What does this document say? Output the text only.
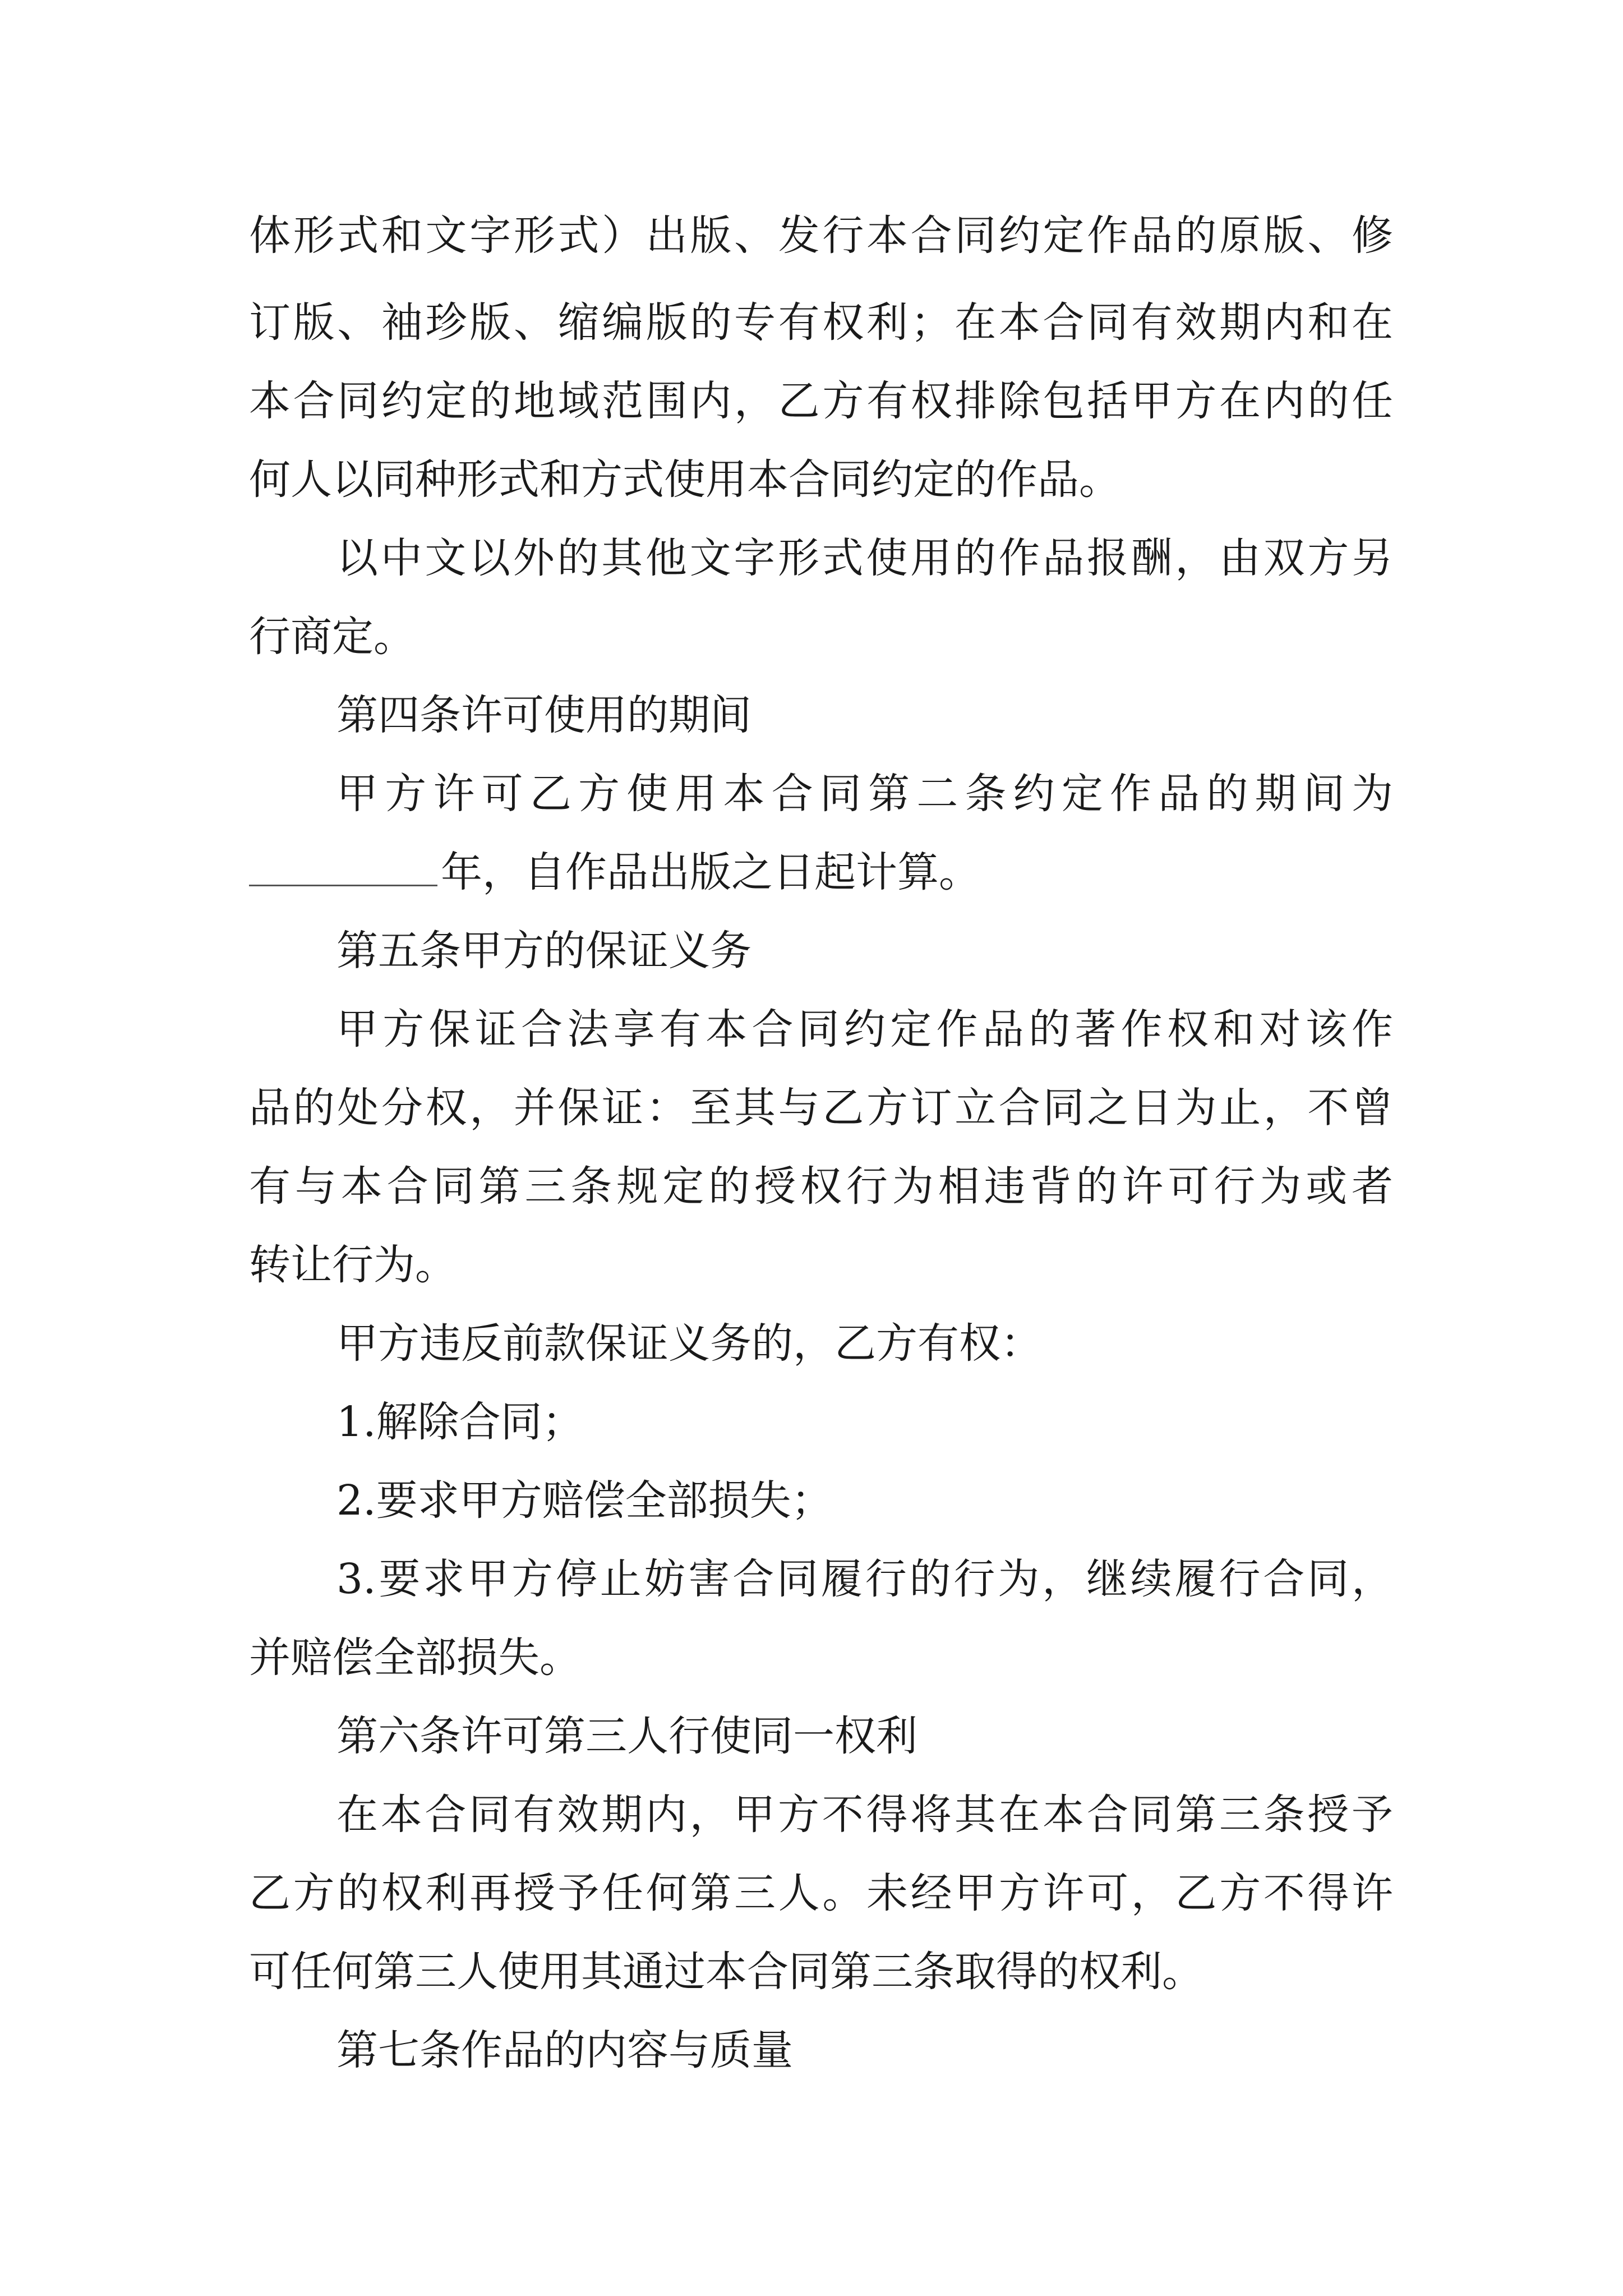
体形式和文字形式）出版、发行本合同约定作品的原版、修
订版、袖珍版、缩编版的专有权利；在本合同有效期内和在
本合同约定的地域范围内，乙方有权排除包括甲方在内的任
何人以同种形式和方式使用本合同约定的作品。
以中文以外的其他文字形式使用的作品报酬，由双方另
行商定。
第四条许可使用的期间
甲方许可乙方使用本合同第二条约定作品的期间为
年，自作品出版之日起计算。
第五条甲方的保证义务
甲方保证合法享有本合同约定作品的著作权和对该作
品的处分权，并保证：至其与乙方订立合同之日为止，不曾
有与本合同第三条规定的授权行为相违背的许可行为或者
转让行为。
甲方违反前款保证义务的，乙方有权：
1.解除合同；
2.要求甲方赔偿全部损失；
3.要求甲方停止妨害合同履行的行为，继续履行合同，
并赔偿全部损失。
第六条许可第三人行使同一权利
在本合同有效期内，甲方不得将其在本合同第三条授予
乙方的权利再授予任何第三人。未经甲方许可，乙方不得许
可任何第三人使用其通过本合同第三条取得的权利。
第七条作品的内容与质量
